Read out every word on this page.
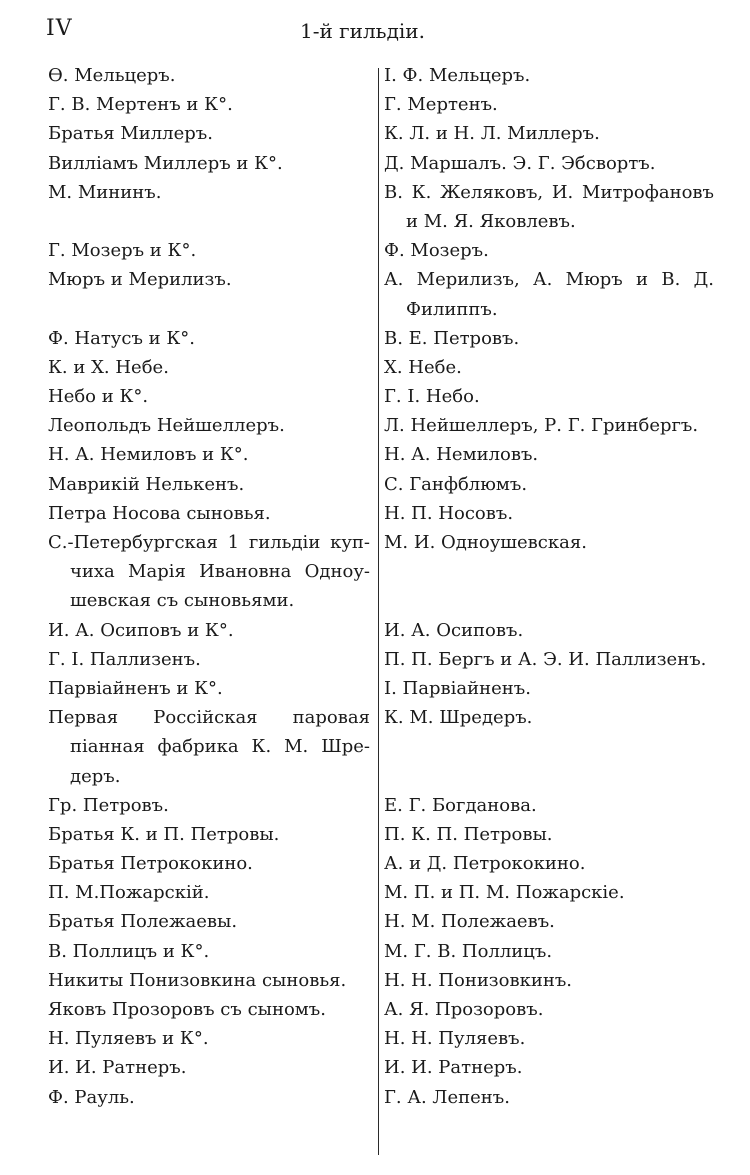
IV	1-й гильдіи.
Ѳ. Мельцеръ.
Г. В. Мертенъ и К°.
Братья Миллеръ.
Вилліамъ Миллеръ и К°.
М. Мининъ.
Г. Мозеръ и К°.
Мюръ и Мерилизъ.
Ф. Натусъ и К°.
К. и Х. Небе.
Небо и К°.
Леопольдъ Нейшеллеръ.
Н. А. Немиловъ и К°.
Маврикій Нелькенъ.
Петра Носова сыновья.
С.-Петербургская 1 гильдіи куп-
чиха Марія Ивановна Одноу-
шевская съ сыновьями.
И. А. Осиповъ и К°.
Г. I. Паллизенъ.
Парвіайненъ и К°.
Первая Россійская паровая
піанная фабрика К. М. Шре-
деръ.
Гр. Петровъ.
Братья К. и П. Петровы.
Братья Петрококино.
П. М.Пожарскій.
Братья Полежаевы.
В. Поллицъ и К°.
Никиты Понизовкина сыновья.
Яковъ Прозоровъ съ сыномъ.
Н. Пуляевъ и К°.
И. И. Ратнеръ.
Ф. Рауль.
I. Ф. Мельцеръ.
Г. Мертенъ.
К. Л. и Н. Л. Миллеръ.
Д. Маршалъ. Э. Г. Эбсвортъ.
В. К. Желяковъ, И. Митрофановъ
и М. Я. Яковлевъ.
Ф. Мозеръ.
А. Мерилизъ, А. Мюръ и В. Д.
Филиппъ.
В. Е. Петровъ.
Х. Небе.
Г. I. Небо.
Л. Нейшеллеръ, Р. Г. Гринбергъ.
Н. А. Немиловъ.
С. Ганфблюмъ.
Н. П. Носовъ.
М. И. Одноушевская.
И. А. Осиповъ.
П. П. Бергъ и А. Э. И. Паллизенъ.
I. Парвіайненъ.
К. М. Шредеръ.
Е. Г. Богданова.
П. К. П. Петровы.
А. и Д. Петрококино.
М. П. и П. М. Пожарскіе.
Н. М. Полежаевъ.
М. Г. В. Поллицъ.
Н. Н. Понизовкинъ.
А. Я. Прозоровъ.
Н. Н. Пуляевъ.
И. И. Ратнеръ.
Г. А. Лепенъ.
